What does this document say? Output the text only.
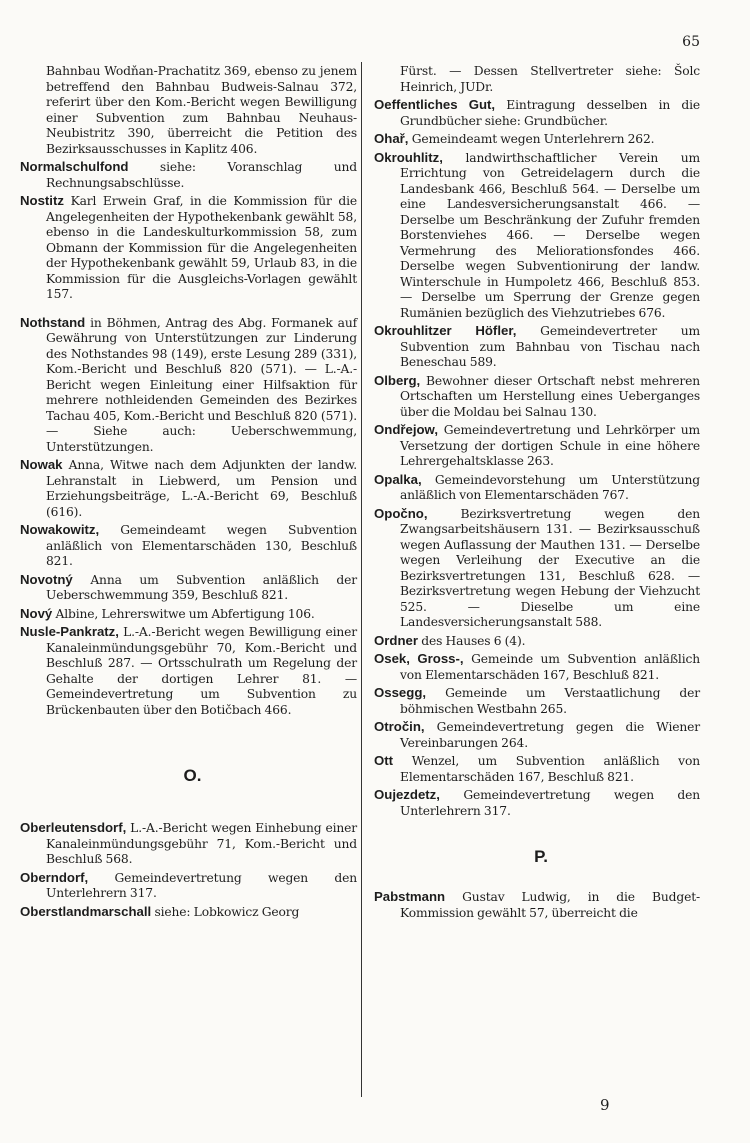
65

Bahnbau Wodňan-Prachatitz 369, ebenso zu jenem betreffend den Bahnbau Budweis-Salnau 372, referirt über den Kom.-Bericht wegen Bewilligung einer Subvention zum Bahnbau Neuhaus-Neubistritz 390, überreicht die Petition des Bezirksausschusses in Kaplitz 406.

Normalschulfond siehe: Voranschlag und Rechnungsabschlüsse.

Nostitz Karl Erwein Graf, in die Kommission für die Angelegenheiten der Hypothekenbank gewählt 58, ebenso in die Landeskulturkommission 58, zum Obmann der Kommission für die Angelegenheiten der Hypothekenbank gewählt 59, Urlaub 83, in die Kommission für die Ausgleichs-Vorlagen gewählt 157.

Nothstand in Böhmen, Antrag des Abg. Formanek auf Gewährung von Unterstützungen zur Linderung des Nothstandes 98 (149), erste Lesung 289 (331), Kom.-Bericht und Beschluß 820 (571). — L.-A.-Bericht wegen Einleitung einer Hilfsaktion für mehrere nothleidenden Gemeinden des Bezirkes Tachau 405, Kom.-Bericht und Beschluß 820 (571). — Siehe auch: Ueberschwemmung, Unterstützungen.

Nowak Anna, Witwe nach dem Adjunkten der landw. Lehranstalt in Liebwerd, um Pension und Erziehungsbeiträge, L.-A.-Bericht 69, Beschluß (616).

Nowakowitz, Gemeindeamt wegen Subvention anläßlich von Elementarschäden 130, Beschluß 821.

Novotný Anna um Subvention anläßlich der Ueberschwemmung 359, Beschluß 821.

Nový Albine, Lehrerswitwe um Abfertigung 106.

Nusle-Pankratz, L.-A.-Bericht wegen Bewilligung einer Kanaleinmündungsgebühr 70, Kom.-Bericht und Beschluß 287. — Ortsschulrath um Regelung der Gehalte der dortigen Lehrer 81. — Gemeindevertretung um Subvention zu Brückenbauten über den Botičbach 466.

O.

Oberleutensdorf, L.-A.-Bericht wegen Einhebung einer Kanaleinmündungsgebühr 71, Kom.-Bericht und Beschluß 568.

Oberndorf, Gemeindevertretung wegen den Unterlehrern 317.

Oberstlandmarschall siehe: Lobkowicz Georg

Fürst. — Dessen Stellvertreter siehe: Šolc Heinrich, JUDr.

Oeffentliches Gut, Eintragung desselben in die Grundbücher siehe: Grundbücher.

Ohař, Gemeindeamt wegen Unterlehrern 262.

Okrouhlitz, landwirthschaftlicher Verein um Errichtung von Getreidelagern durch die Landesbank 466, Beschluß 564. — Derselbe um eine Landesversicherungsanstalt 466. — Derselbe um Beschränkung der Zufuhr fremden Borstenviehes 466. — Derselbe wegen Vermehrung des Meliorationsfondes 466. Derselbe wegen Subventionirung der landw. Winterschule in Humpoletz 466, Beschluß 853. — Derselbe um Sperrung der Grenze gegen Rumänien bezüglich des Viehzutriebes 676.

Okrouhlitzer Höfler, Gemeindevertreter um Subvention zum Bahnbau von Tischau nach Beneschau 589.

Olberg, Bewohner dieser Ortschaft nebst mehreren Ortschaften um Herstellung eines Ueberganges über die Moldau bei Salnau 130.

Ondřejow, Gemeindevertretung und Lehrkörper um Versetzung der dortigen Schule in eine höhere Lehrergehaltsklasse 263.

Opalka, Gemeindevorstehung um Unterstützung anläßlich von Elementarschäden 767.

Opočno, Bezirksvertretung wegen den Zwangsarbeitshäusern 131. — Bezirksausschuß wegen Auflassung der Mauthen 131. — Derselbe wegen Verleihung der Executive an die Bezirksvertretungen 131, Beschluß 628. — Bezirksvertretung wegen Hebung der Viehzucht 525. — Dieselbe um eine Landesversicherungsanstalt 588.

Ordner des Hauses 6 (4).

Osek, Gross-, Gemeinde um Subvention anläßlich von Elementarschäden 167, Beschluß 821.

Ossegg, Gemeinde um Verstaatlichung der böhmischen Westbahn 265.

Otročin, Gemeindevertretung gegen die Wiener Vereinbarungen 264.

Ott Wenzel, um Subvention anläßlich von Elementarschäden 167, Beschluß 821.

Oujezdetz, Gemeindevertretung wegen den Unterlehrern 317.

P.

Pabstmann Gustav Ludwig, in die Budget-Kommission gewählt 57, überreicht die

9
